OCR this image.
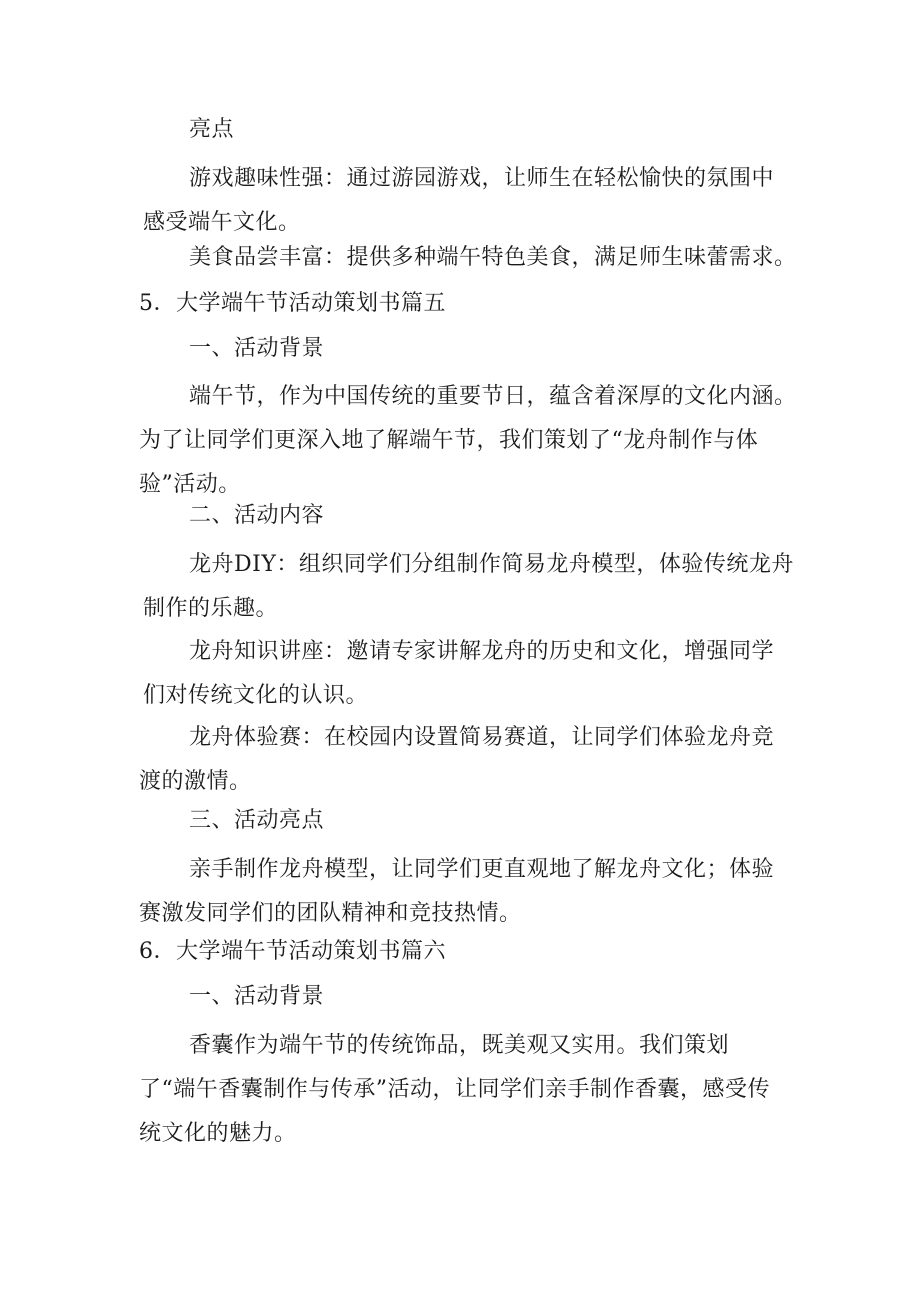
亮点
游戏趣味性强：通过游园游戏，让师生在轻松愉快的氛围中感受端午文化。
美食品尝丰富：提供多种端午特色美食，满足师生味蕾需求。
5．大学端午节活动策划书篇五
一、活动背景
端午节，作为中国传统的重要节日，蕴含着深厚的文化内涵。为了让同学们更深入地了解端午节，我们策划了“龙舟制作与体验”活动。
二、活动内容
龙舟DIY：组织同学们分组制作简易龙舟模型，体验传统龙舟制作的乐趣。
龙舟知识讲座：邀请专家讲解龙舟的历史和文化，增强同学们对传统文化的认识。
龙舟体验赛：在校园内设置简易赛道，让同学们体验龙舟竞渡的激情。
三、活动亮点
亲手制作龙舟模型，让同学们更直观地了解龙舟文化；体验赛激发同学们的团队精神和竞技热情。
6．大学端午节活动策划书篇六
一、活动背景
香囊作为端午节的传统饰品，既美观又实用。我们策划了“端午香囊制作与传承”活动，让同学们亲手制作香囊，感受传统文化的魅力。
